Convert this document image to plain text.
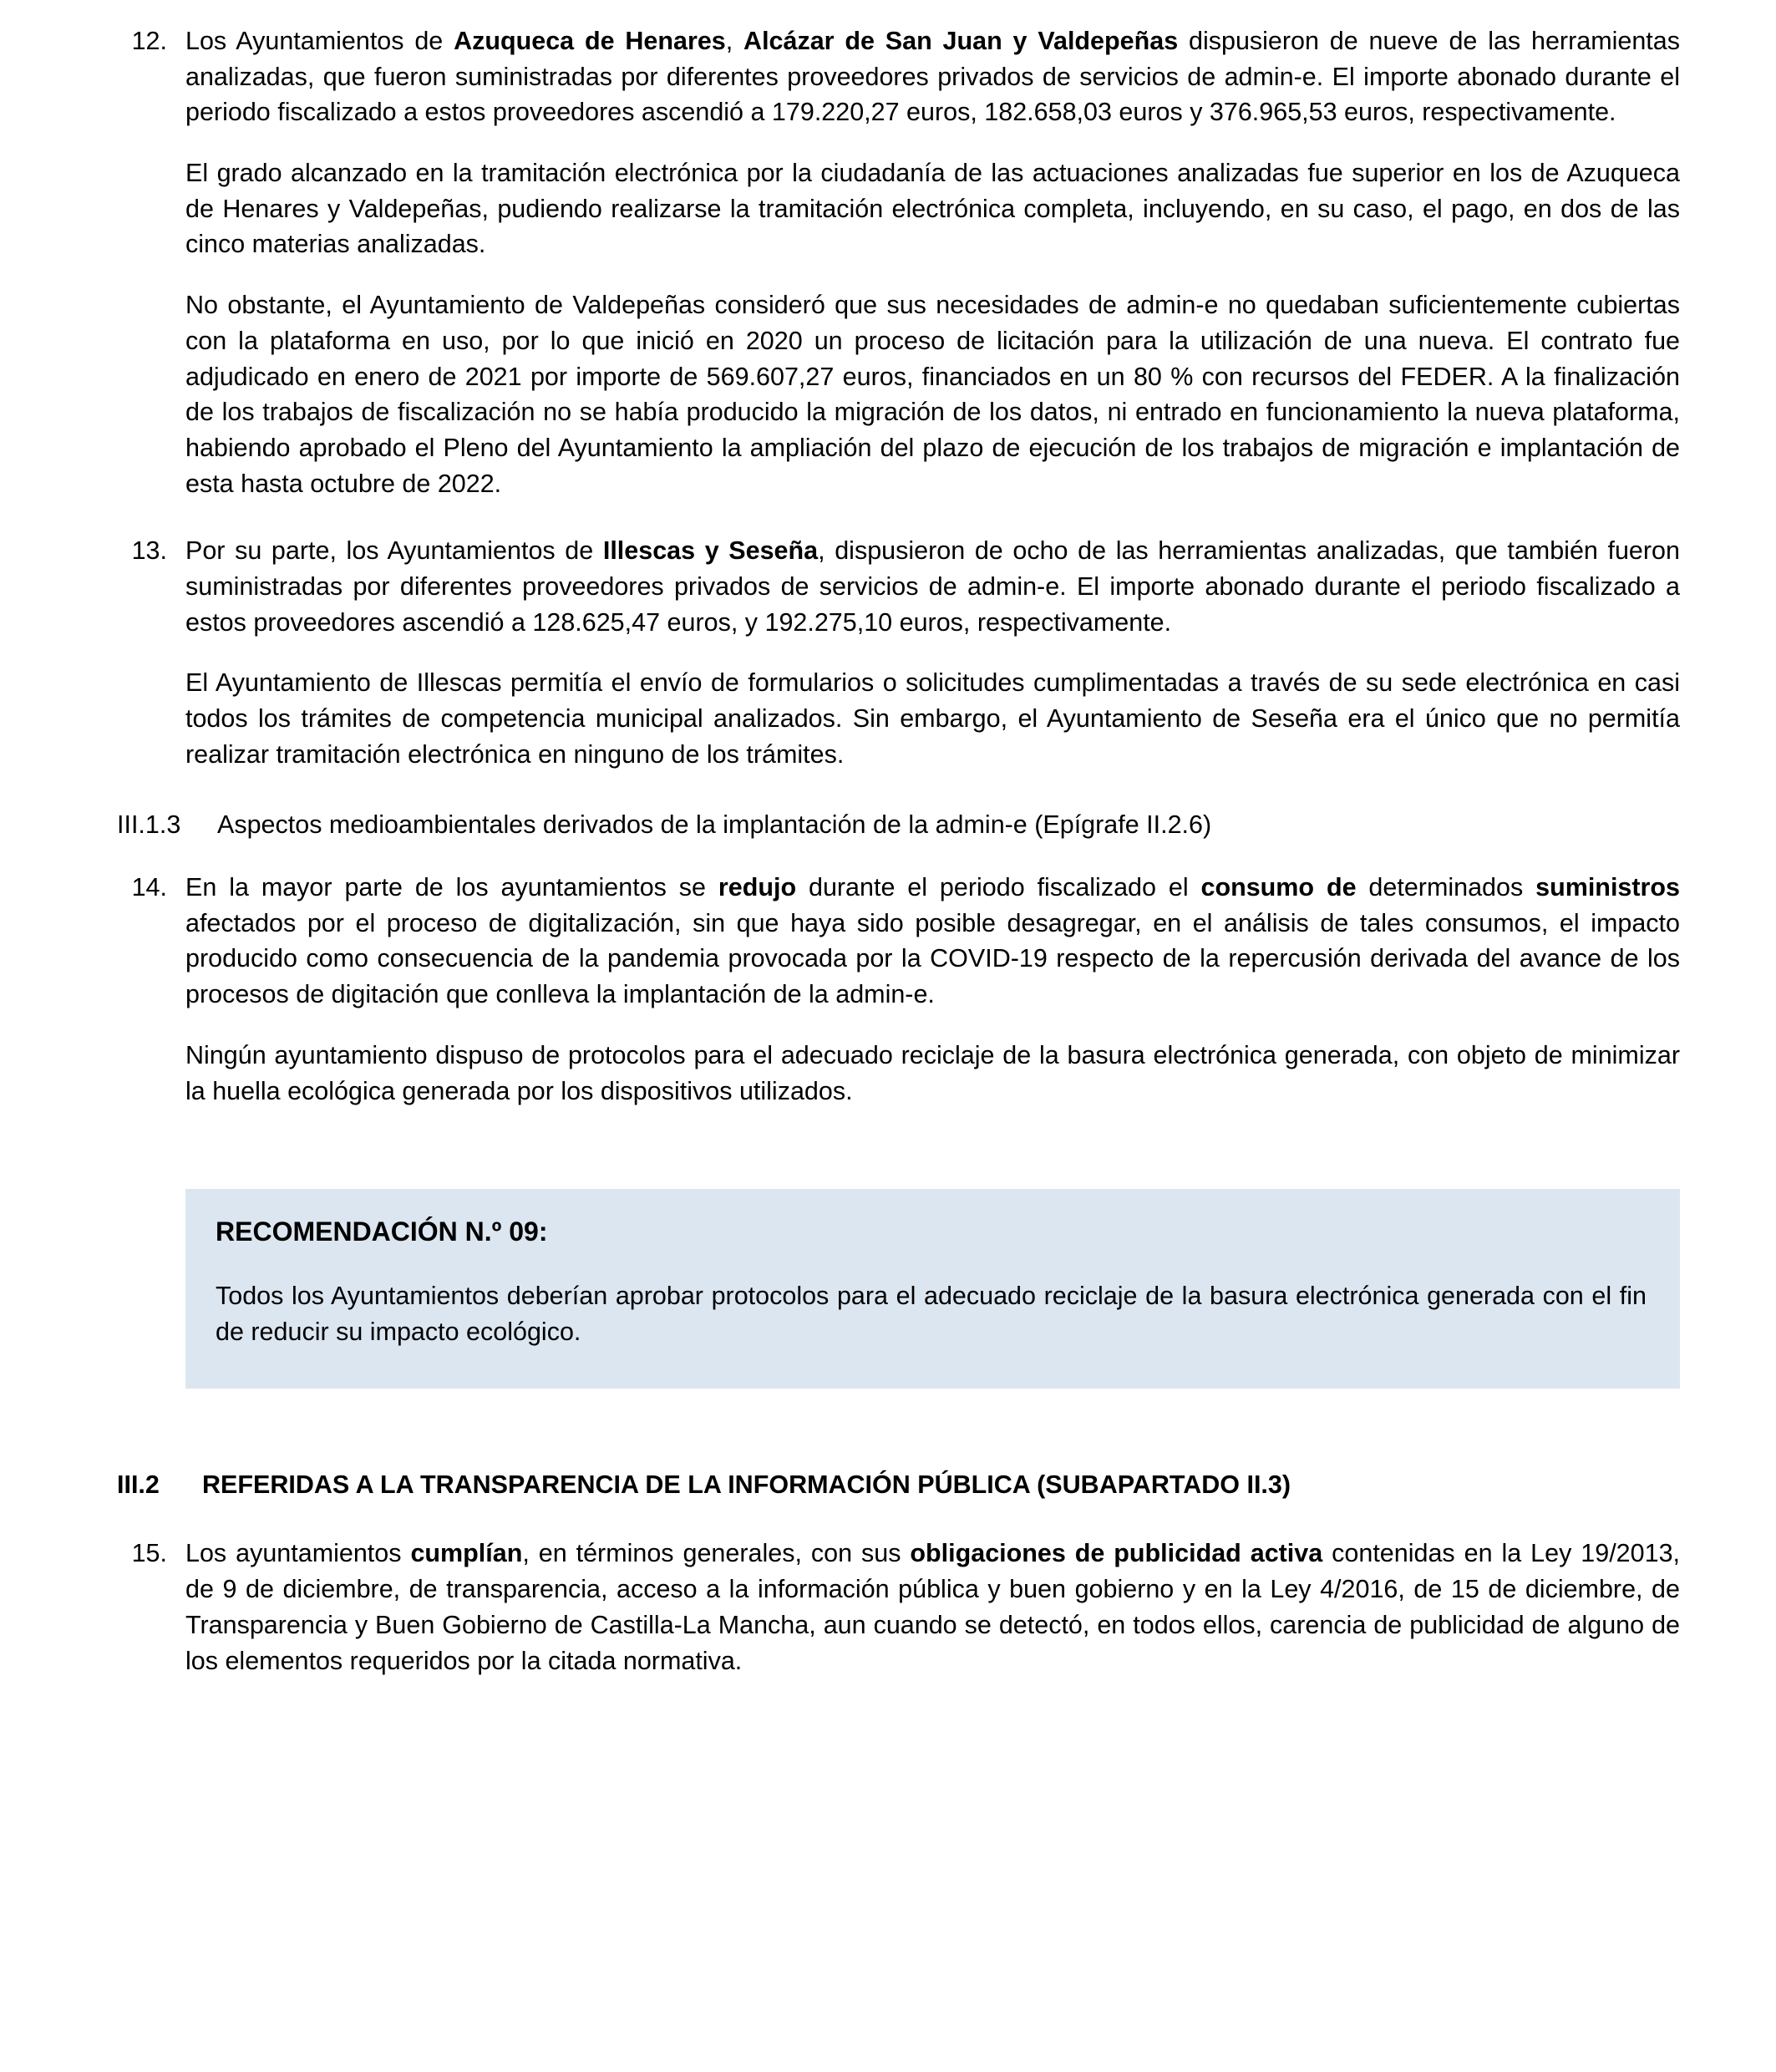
12. Los Ayuntamientos de Azuqueca de Henares, Alcázar de San Juan y Valdepeñas dispusieron de nueve de las herramientas analizadas, que fueron suministradas por diferentes proveedores privados de servicios de admin-e. El importe abonado durante el periodo fiscalizado a estos proveedores ascendió a 179.220,27 euros, 182.658,03 euros y 376.965,53 euros, respectivamente.

El grado alcanzado en la tramitación electrónica por la ciudadanía de las actuaciones analizadas fue superior en los de Azuqueca de Henares y Valdepeñas, pudiendo realizarse la tramitación electrónica completa, incluyendo, en su caso, el pago, en dos de las cinco materias analizadas.

No obstante, el Ayuntamiento de Valdepeñas consideró que sus necesidades de admin-e no quedaban suficientemente cubiertas con la plataforma en uso, por lo que inició en 2020 un proceso de licitación para la utilización de una nueva. El contrato fue adjudicado en enero de 2021 por importe de 569.607,27 euros, financiados en un 80 % con recursos del FEDER. A la finalización de los trabajos de fiscalización no se había producido la migración de los datos, ni entrado en funcionamiento la nueva plataforma, habiendo aprobado el Pleno del Ayuntamiento la ampliación del plazo de ejecución de los trabajos de migración e implantación de esta hasta octubre de 2022.

13. Por su parte, los Ayuntamientos de Illescas y Seseña, dispusieron de ocho de las herramientas analizadas, que también fueron suministradas por diferentes proveedores privados de servicios de admin-e. El importe abonado durante el periodo fiscalizado a estos proveedores ascendió a 128.625,47 euros, y 192.275,10 euros, respectivamente.

El Ayuntamiento de Illescas permitía el envío de formularios o solicitudes cumplimentadas a través de su sede electrónica en casi todos los trámites de competencia municipal analizados. Sin embargo, el Ayuntamiento de Seseña era el único que no permitía realizar tramitación electrónica en ninguno de los trámites.

III.1.3	Aspectos medioambientales derivados de la implantación de la admin-e (Epígrafe II.2.6)
14. En la mayor parte de los ayuntamientos se redujo durante el periodo fiscalizado el consumo de determinados suministros afectados por el proceso de digitalización, sin que haya sido posible desagregar, en el análisis de tales consumos, el impacto producido como consecuencia de la pandemia provocada por la COVID-19 respecto de la repercusión derivada del avance de los procesos de digitación que conlleva la implantación de la admin-e.

Ningún ayuntamiento dispuso de protocolos para el adecuado reciclaje de la basura electrónica generada, con objeto de minimizar la huella ecológica generada por los dispositivos utilizados.

RECOMENDACIÓN N.º 09:
Todos los Ayuntamientos deberían aprobar protocolos para el adecuado reciclaje de la basura electrónica generada con el fin de reducir su impacto ecológico.
III.2	REFERIDAS A LA TRANSPARENCIA DE LA INFORMACIÓN PÚBLICA (SUBAPARTADO II.3)
15. Los ayuntamientos cumplían, en términos generales, con sus obligaciones de publicidad activa contenidas en la Ley 19/2013, de 9 de diciembre, de transparencia, acceso a la información pública y buen gobierno y en la Ley 4/2016, de 15 de diciembre, de Transparencia y Buen Gobierno de Castilla-La Mancha, aun cuando se detectó, en todos ellos, carencia de publicidad de alguno de los elementos requeridos por la citada normativa.
